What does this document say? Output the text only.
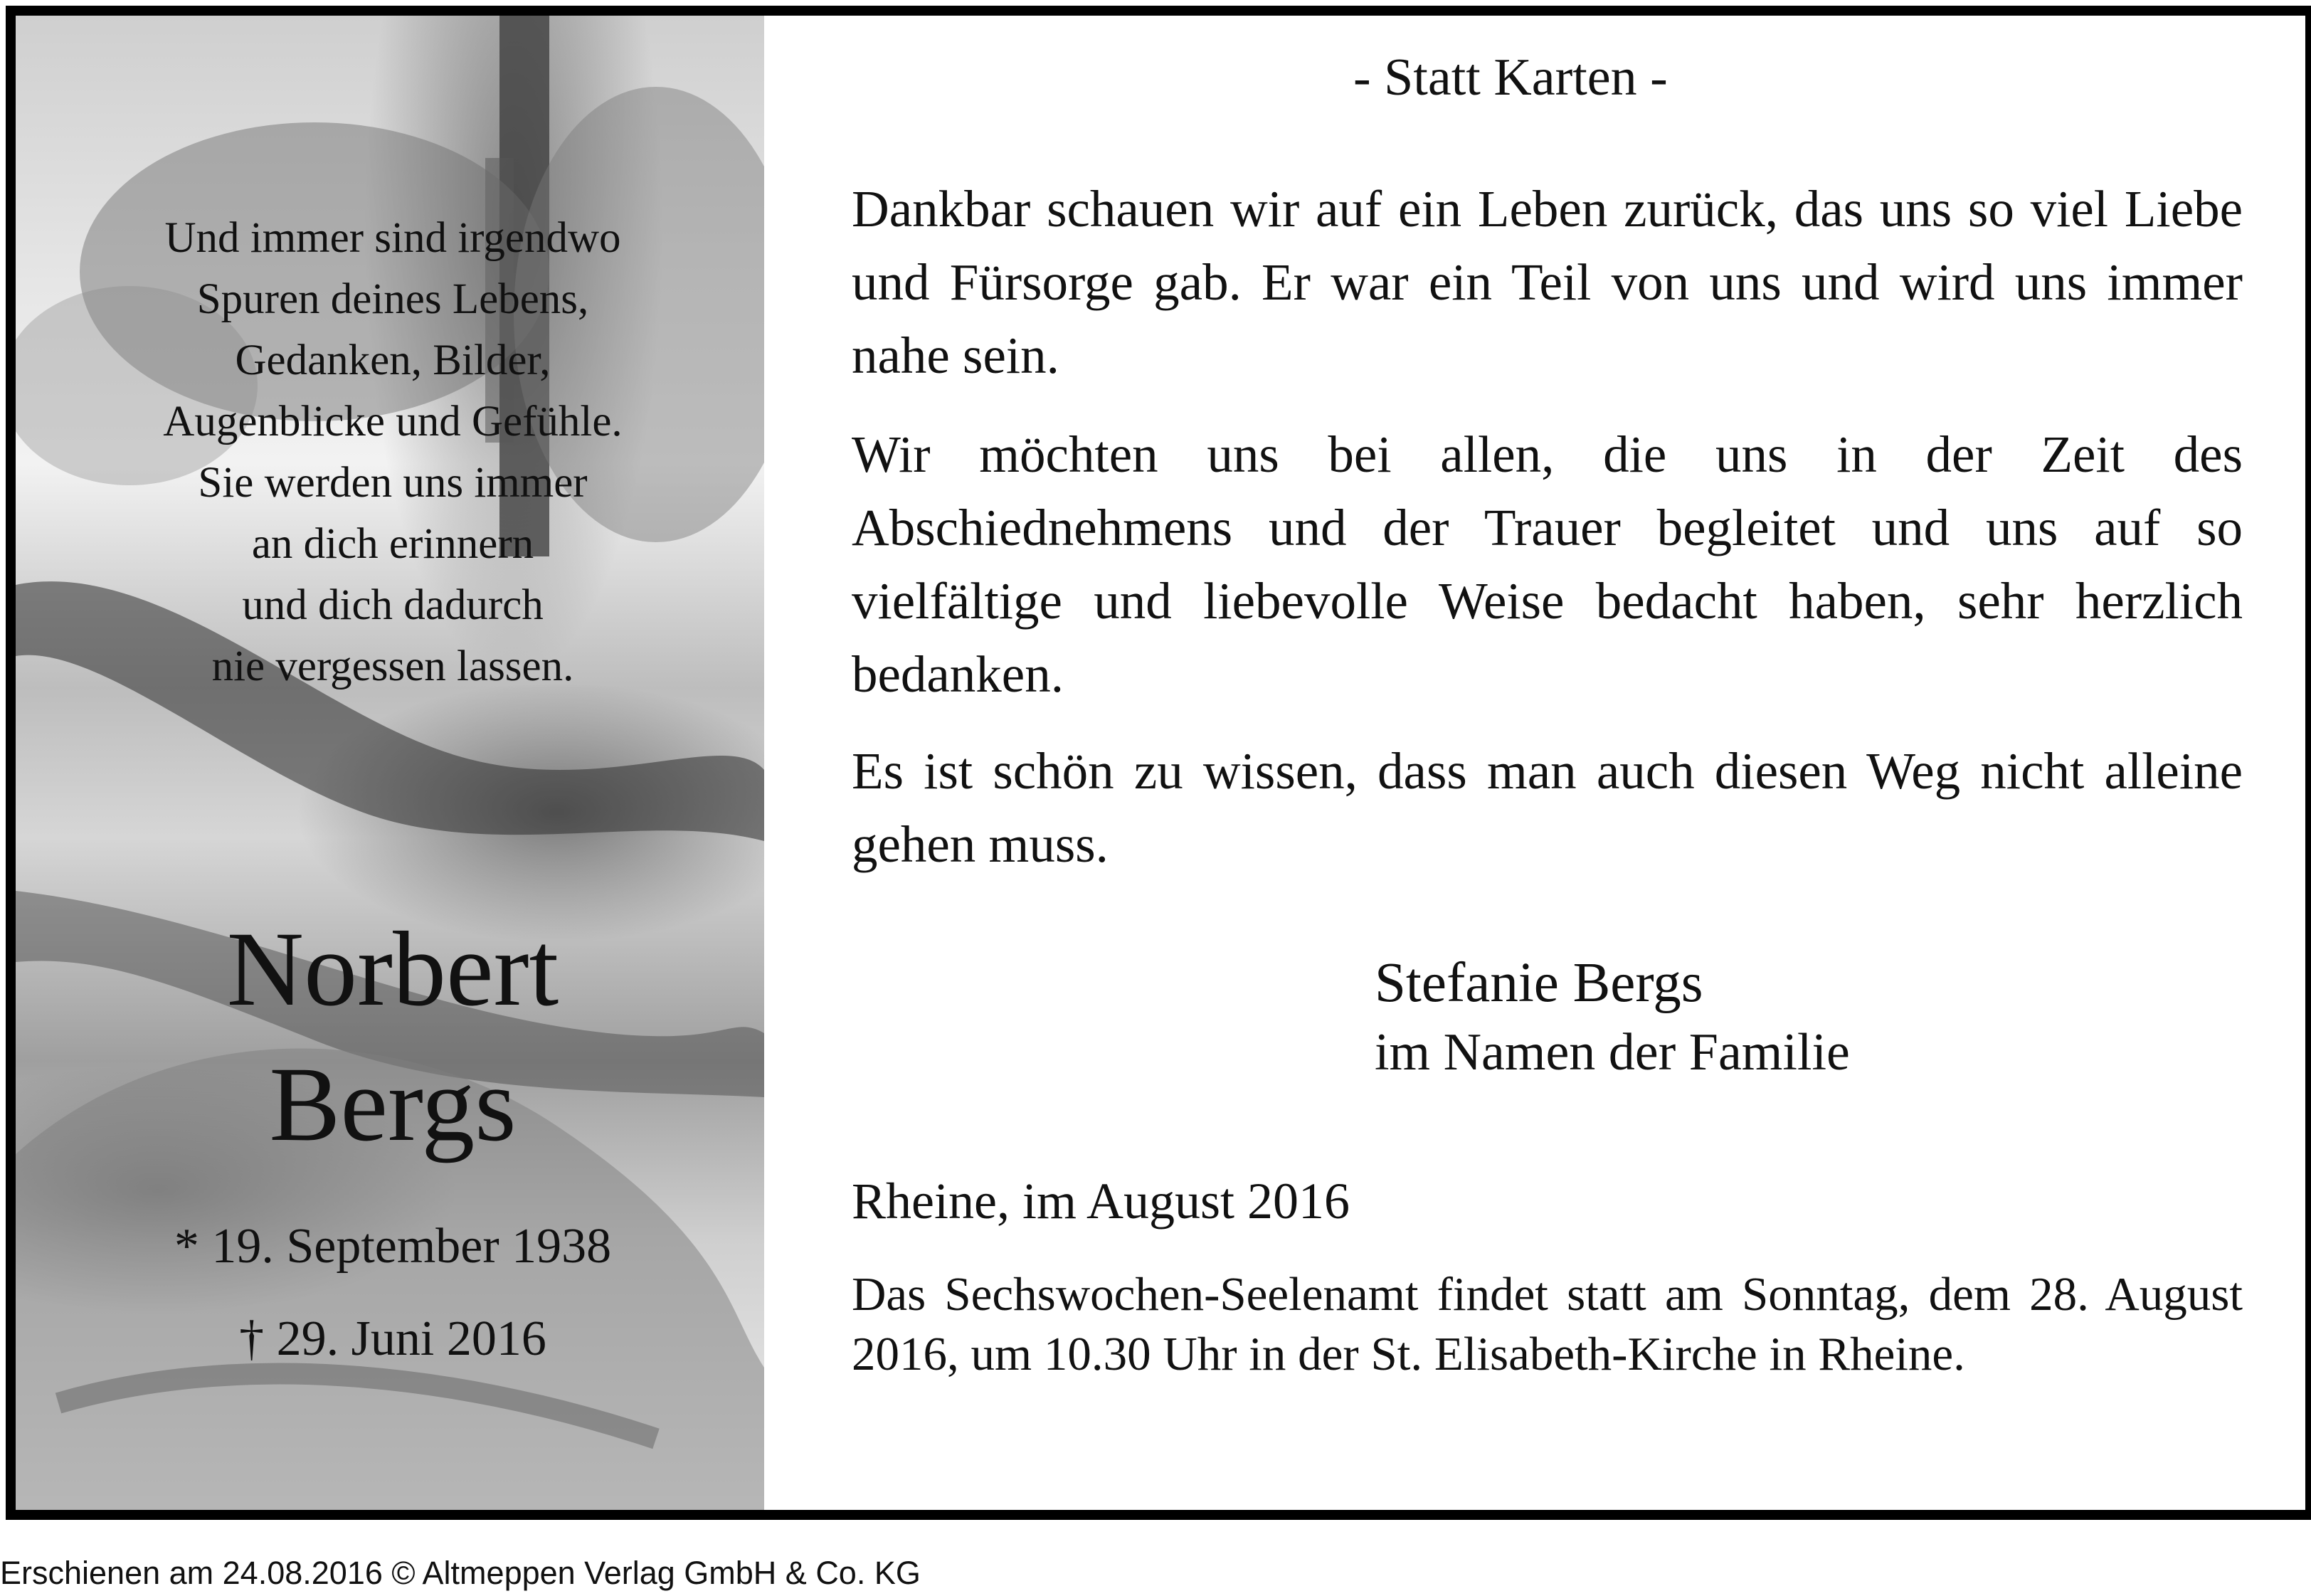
Und immer sind irgendwo
Spuren deines Lebens,
Gedanken, Bilder,
Augenblicke und Gefühle.
Sie werden uns immer
an dich erinnern
und dich dadurch
nie vergessen lassen.
Norbert
Bergs
* 19. September 1938
† 29. Juni 2016
- Statt Karten -
Dankbar schauen wir auf ein Leben zurück, das uns so viel Liebe und Fürsorge gab. Er war ein Teil von uns und wird uns immer nahe sein.
Wir möchten uns bei allen, die uns in der Zeit des Abschiednehmens und der Trauer begleitet und uns auf so vielfältige und liebevolle Weise bedacht haben, sehr herzlich bedanken.
Es ist schön zu wissen, dass man auch diesen Weg nicht alleine gehen muss.
Stefanie Bergs
im Namen der Familie
Rheine, im August 2016
Das Sechswochen-Seelenamt findet statt am Sonntag, dem 28. August 2016, um 10.30 Uhr in der St. Elisabeth-Kirche in Rheine.
Erschienen am 24.08.2016 © Altmeppen Verlag GmbH & Co. KG
